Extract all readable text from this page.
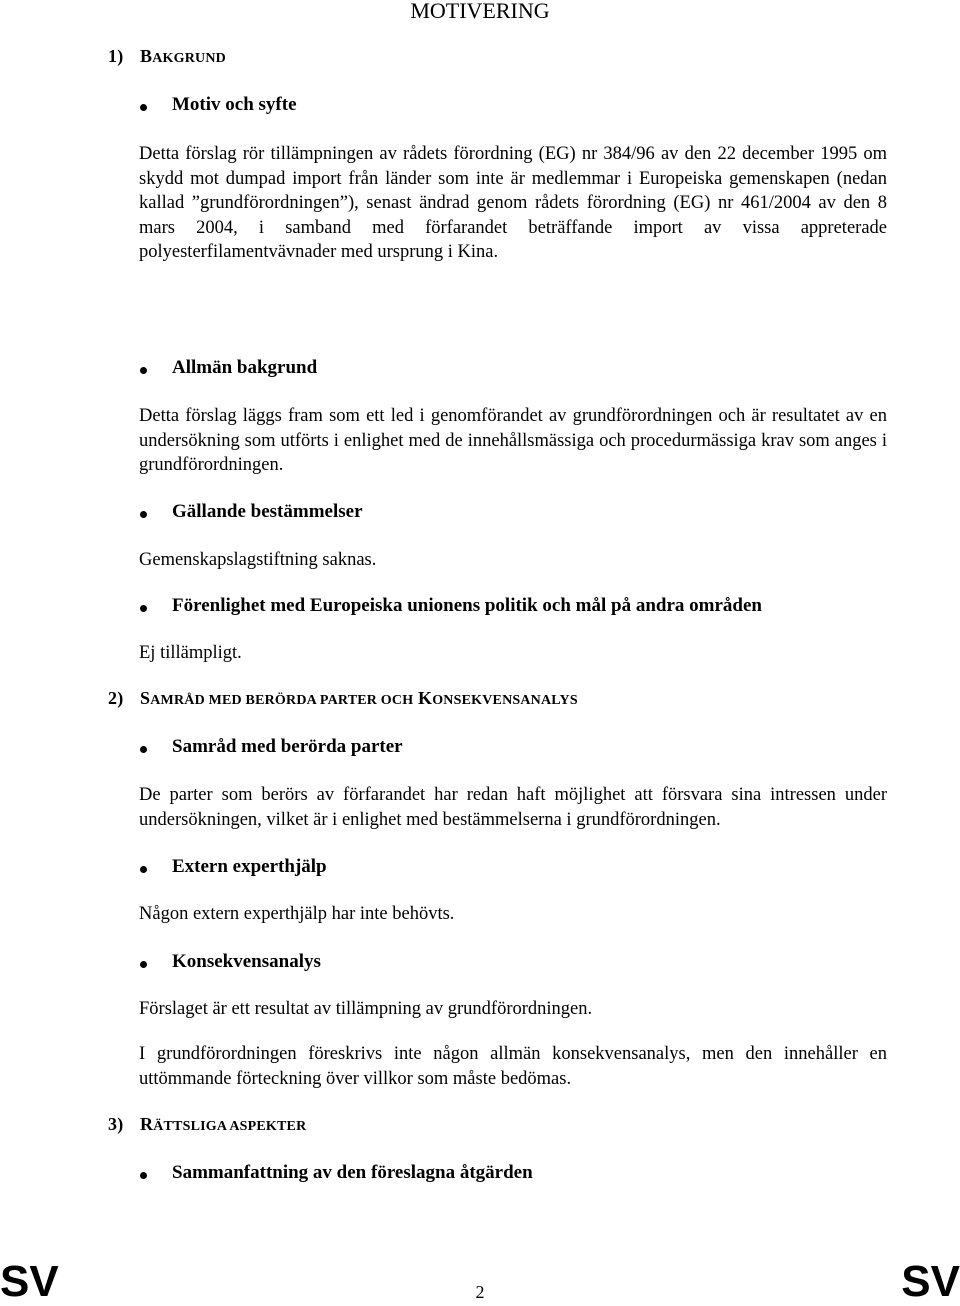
MOTIVERING
1) BAKGRUND
Motiv och syfte
Detta förslag rör tillämpningen av rådets förordning (EG) nr 384/96 av den 22 december 1995 om skydd mot dumpad import från länder som inte är medlemmar i Europeiska gemenskapen (nedan kallad ”grundförordningen”), senast ändrad genom rådets förordning (EG) nr 461/2004 av den 8 mars 2004, i samband med förfarandet beträffande import av vissa appreterade polyesterfilamentvävnader med ursprung i Kina.
Allmän bakgrund
Detta förslag läggs fram som ett led i genomförandet av grundförordningen och är resultatet av en undersökning som utförts i enlighet med de innehållsmässiga och procedurmässiga krav som anges i grundförordningen.
Gällande bestämmelser
Gemenskapslagstiftning saknas.
Förenlighet med Europeiska unionens politik och mål på andra områden
Ej tillämpligt.
2) SAMRÅD MED BERÖRDA PARTER OCH KONSEKVENSANALYS
Samråd med berörda parter
De parter som berörs av förfarandet har redan haft möjlighet att försvara sina intressen under undersökningen, vilket är i enlighet med bestämmelserna i grundförordningen.
Extern experthjälp
Någon extern experthjälp har inte behövts.
Konsekvensanalys
Förslaget är ett resultat av tillämpning av grundförordningen.
I grundförordningen föreskrivs inte någon allmän konsekvensanalys, men den innehåller en uttömmande förteckning över villkor som måste bedömas.
3) RÄTTSLIGA ASPEKTER
Sammanfattning av den föreslagna åtgärden
SV	2	SV
